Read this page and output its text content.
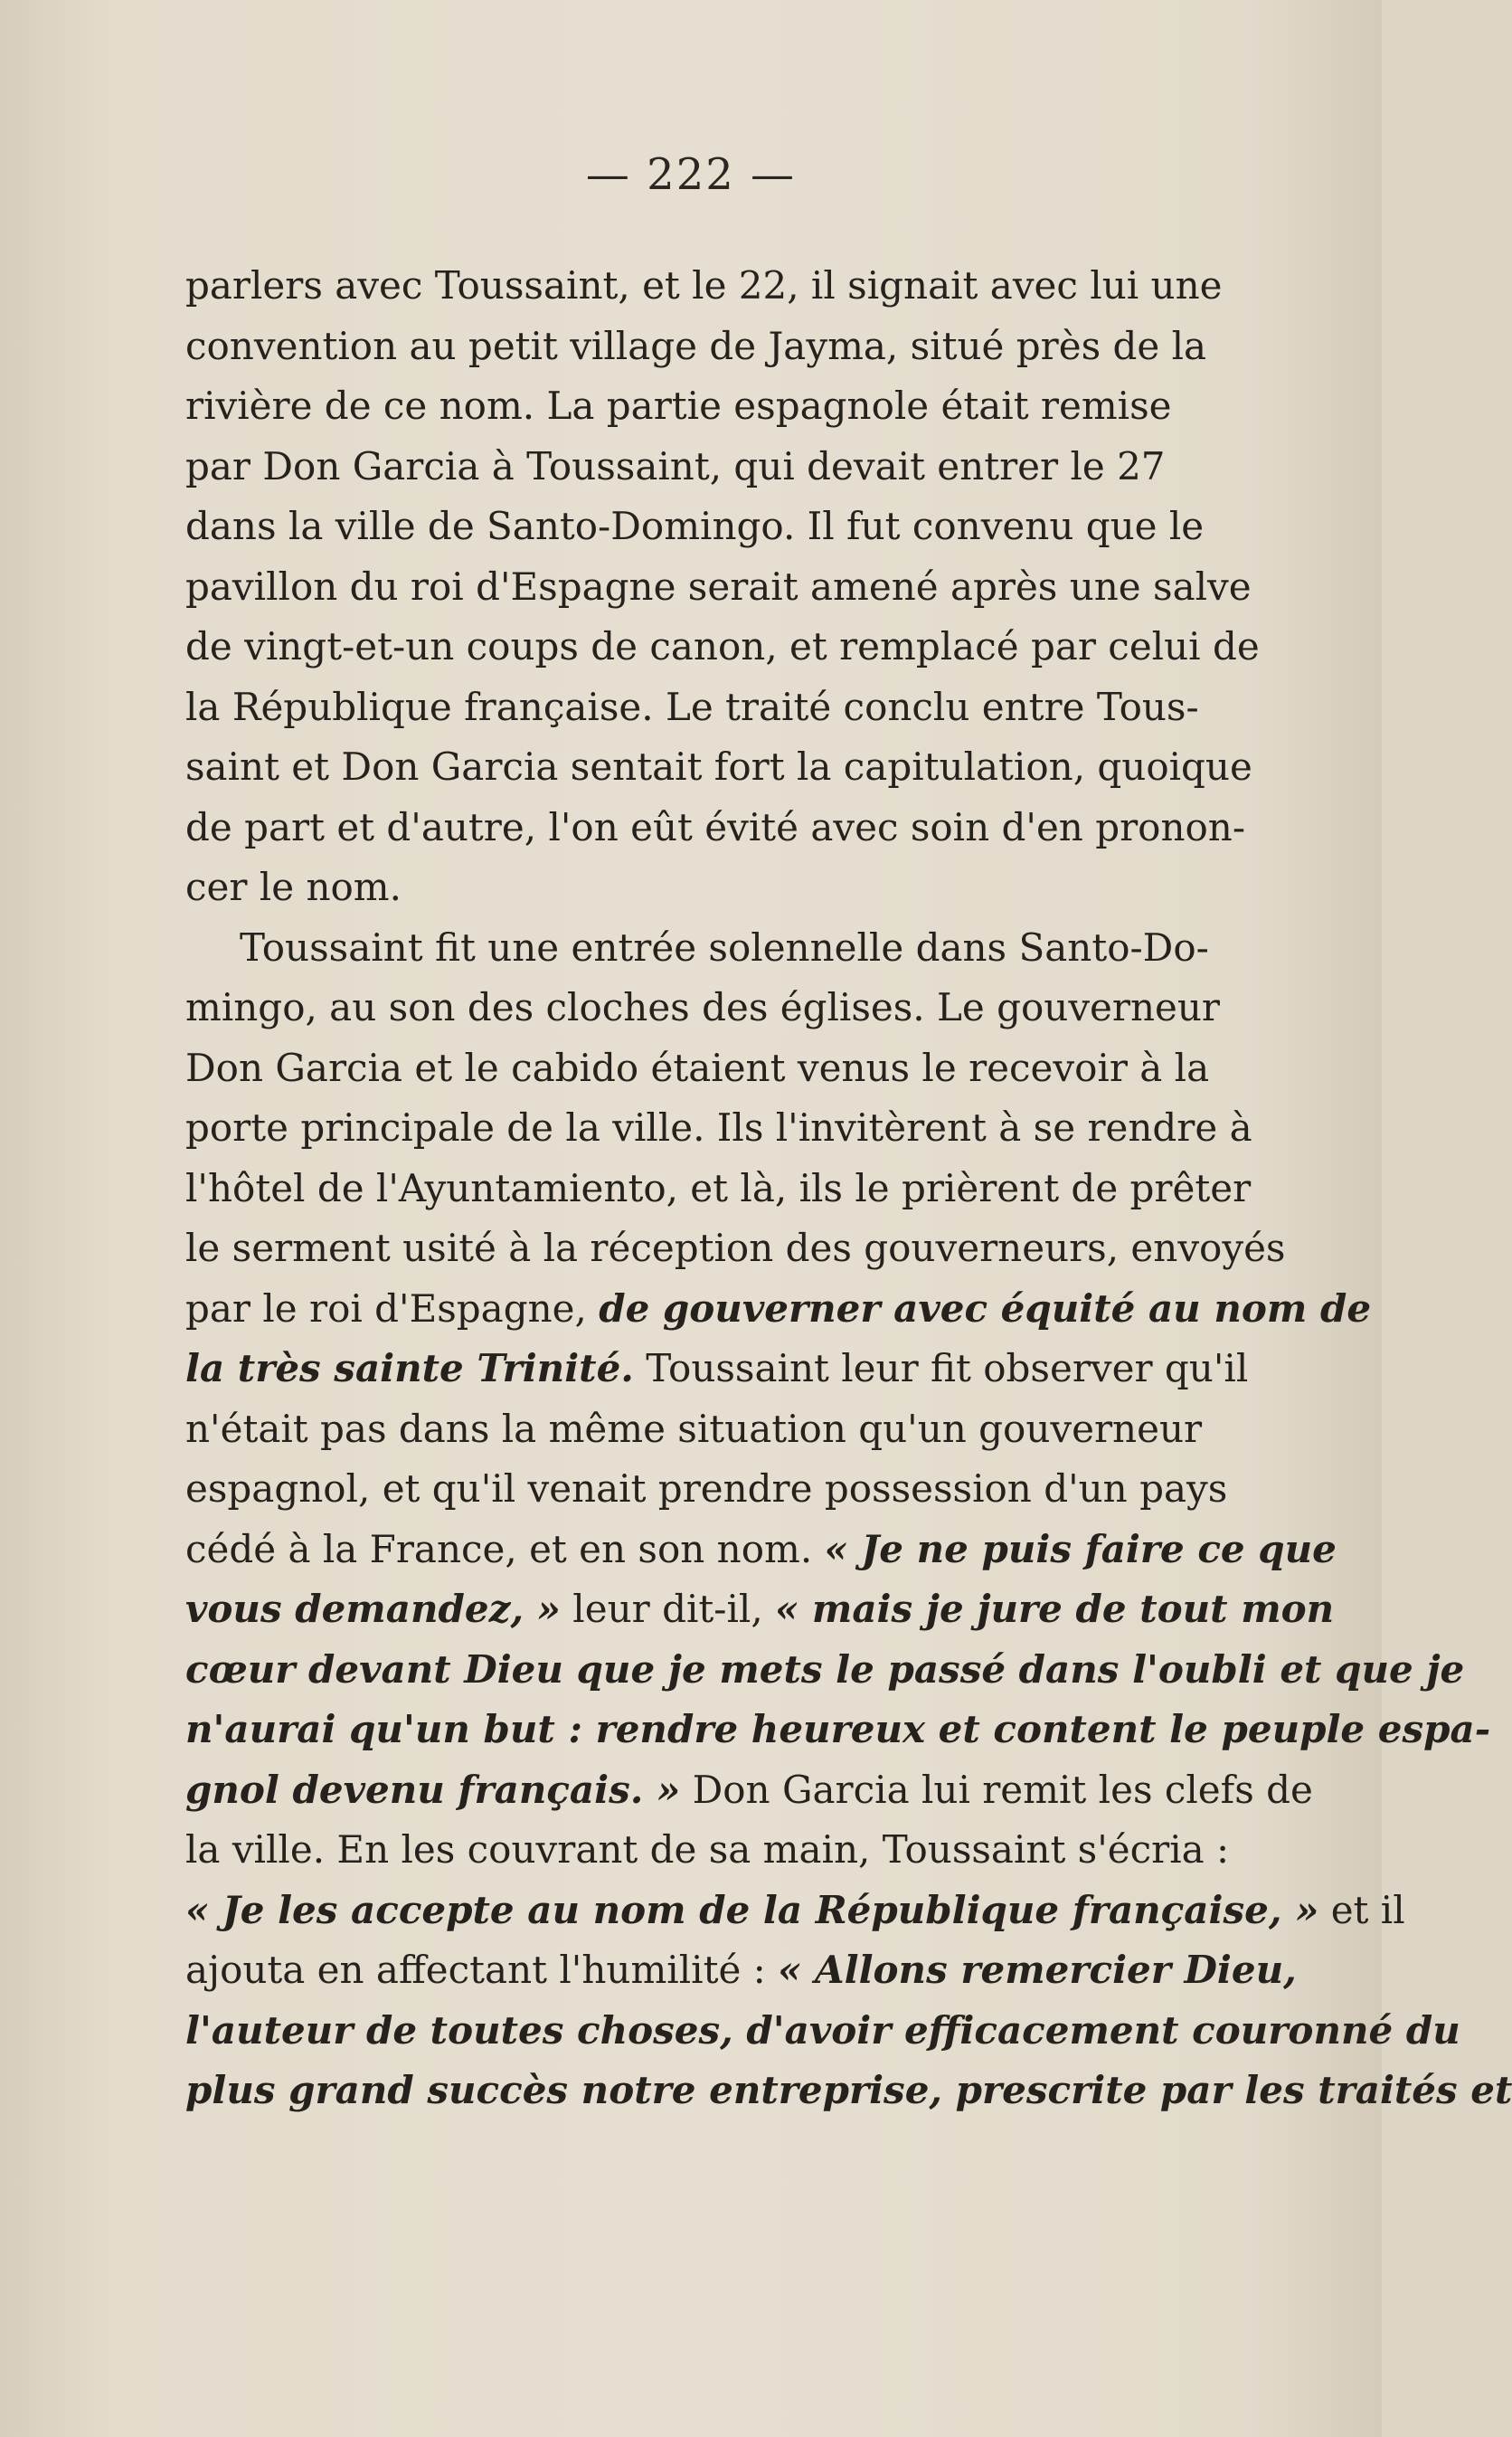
— 222 —
parlers avec Toussaint, et le 22, il signait avec lui une
convention au petit village de Jayma, situé près de la
rivière de ce nom. La partie espagnole était remise
par Don Garcia à Toussaint, qui devait entrer le 27
dans la ville de Santo-Domingo. Il fut convenu que le
pavillon du roi d'Espagne serait amené après une salve
de vingt-et-un coups de canon, et remplacé par celui de
la République française. Le traité conclu entre Tous-
saint et Don Garcia sentait fort la capitulation, quoique
de part et d'autre, l'on eût évité avec soin d'en pronon-
cer le nom.
Toussaint fit une entrée solennelle dans Santo-Do-
mingo, au son des cloches des églises. Le gouverneur
Don Garcia et le cabido étaient venus le recevoir à la
porte principale de la ville. Ils l'invitèrent à se rendre à
l'hôtel de l'Ayuntamiento, et là, ils le prièrent de prêter
le serment usité à la réception des gouverneurs, envoyés
par le roi d'Espagne, de gouverner avec équité au nom de
la très sainte Trinité. Toussaint leur fit observer qu'il
n'était pas dans la même situation qu'un gouverneur
espagnol, et qu'il venait prendre possession d'un pays
cédé à la France, et en son nom. « Je ne puis faire ce que
vous demandez, » leur dit-il, « mais je jure de tout mon
cœur devant Dieu que je mets le passé dans l'oubli et que je
n'aurai qu'un but : rendre heureux et content le peuple espa-
gnol devenu français. » Don Garcia lui remit les clefs de
la ville. En les couvrant de sa main, Toussaint s'écria :
« Je les accepte au nom de la République française, » et il
ajouta en affectant l'humilité : « Allons remercier Dieu,
l'auteur de toutes choses, d'avoir efficacement couronné du
plus grand succès notre entreprise, prescrite par les traités et
